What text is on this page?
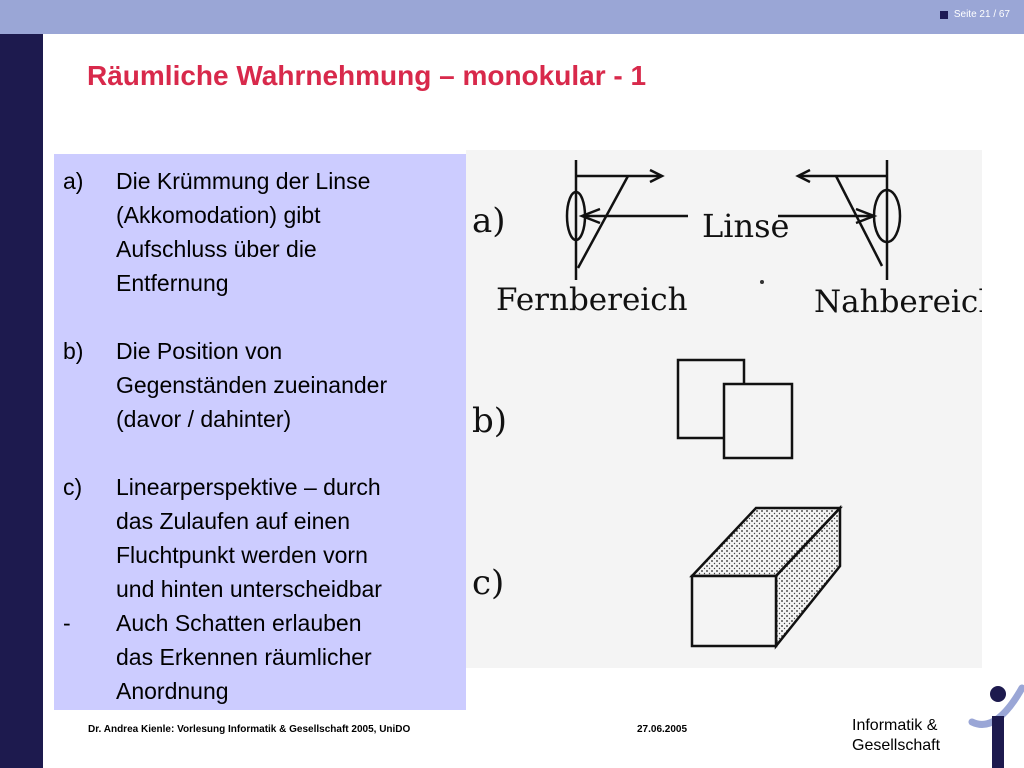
Seite 21 / 67
Räumliche Wahrnehmung – monokular - 1
a)	Die Krümmung der Linse
(Akkomodation) gibt
Aufschluss über die
Entfernung
b)	Die Position von
Gegenständen zueinander
(davor / dahinter)
c)	Linearperspektive – durch
das Zulaufen auf einen
Fluchtpunkt werden vorn
und hinten unterscheidbar
-	Auch Schatten erlauben
das Erkennen räumlicher
Anordnung
a)
b)
c)
Linse
Fernbereich	Nahbereich
Dr. Andrea Kienle: Vorlesung Informatik & Gesellschaft 2005, UniDO	27.06.2005	Informatik &
Gesellschaft
